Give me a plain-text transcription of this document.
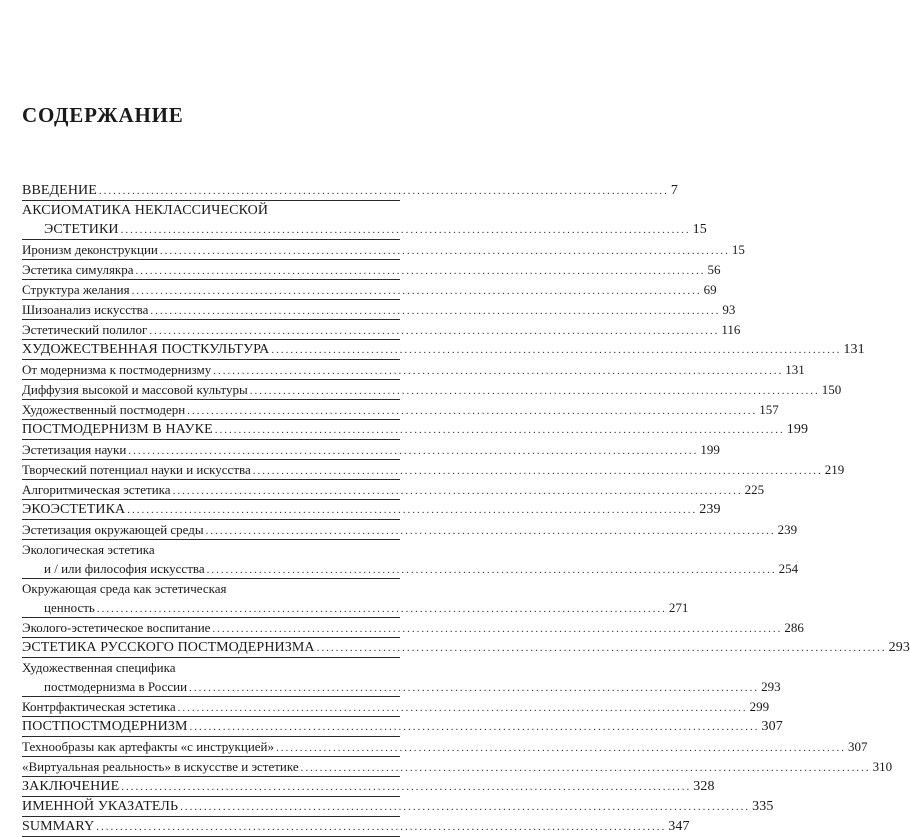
СОДЕРЖАНИЕ
ВВЕДЕНИЕ ........................................................................................................................ 7
АКСИОМАТИКА НЕКЛАССИЧЕСКОЙ
ЭСТЕТИКИ ........................................................................................................................ 15
Иронизм деконструкции ........................................................................................................................ 15
Эстетика симулякра ........................................................................................................................ 56
Структура желания ........................................................................................................................ 69
Шизоанализ искусства ........................................................................................................................ 93
Эстетический полилог ........................................................................................................................ 116
ХУДОЖЕСТВЕННАЯ ПОСТКУЛЬТУРА ........................................................................................................................ 131
От модернизма к постмодернизму ........................................................................................................................ 131
Диффузия высокой и массовой культуры ........................................................................................................................ 150
Художественный постмодерн ........................................................................................................................ 157
ПОСТМОДЕРНИЗМ В НАУКЕ ........................................................................................................................ 199
Эстетизация науки ........................................................................................................................ 199
Творческий потенциал науки и искусства ........................................................................................................................ 219
Алгоритмическая эстетика ........................................................................................................................ 225
ЭКОЭСТЕТИКА ........................................................................................................................ 239
Эстетизация окружающей среды ........................................................................................................................ 239
Экологическая эстетика
и / или философия искусства ........................................................................................................................ 254
Окружающая среда как эстетическая
ценность ........................................................................................................................ 271
Эколого-эстетическое воспитание ........................................................................................................................ 286
ЭСТЕТИКА РУССКОГО ПОСТМОДЕРНИЗМА ........................................................................................................................ 293
Художественная специфика
постмодернизма в России ........................................................................................................................ 293
Контрфактическая эстетика ........................................................................................................................ 299
ПОСТПОСТМОДЕРНИЗМ ........................................................................................................................ 307
Технообразы как артефакты «с инструкцией» ........................................................................................................................ 307
«Виртуальная реальность» в искусстве и эстетике ........................................................................................................................ 310
ЗАКЛЮЧЕНИЕ ........................................................................................................................ 328
ИМЕННОЙ УКАЗАТЕЛЬ ........................................................................................................................ 335
SUMMARY ........................................................................................................................ 347
